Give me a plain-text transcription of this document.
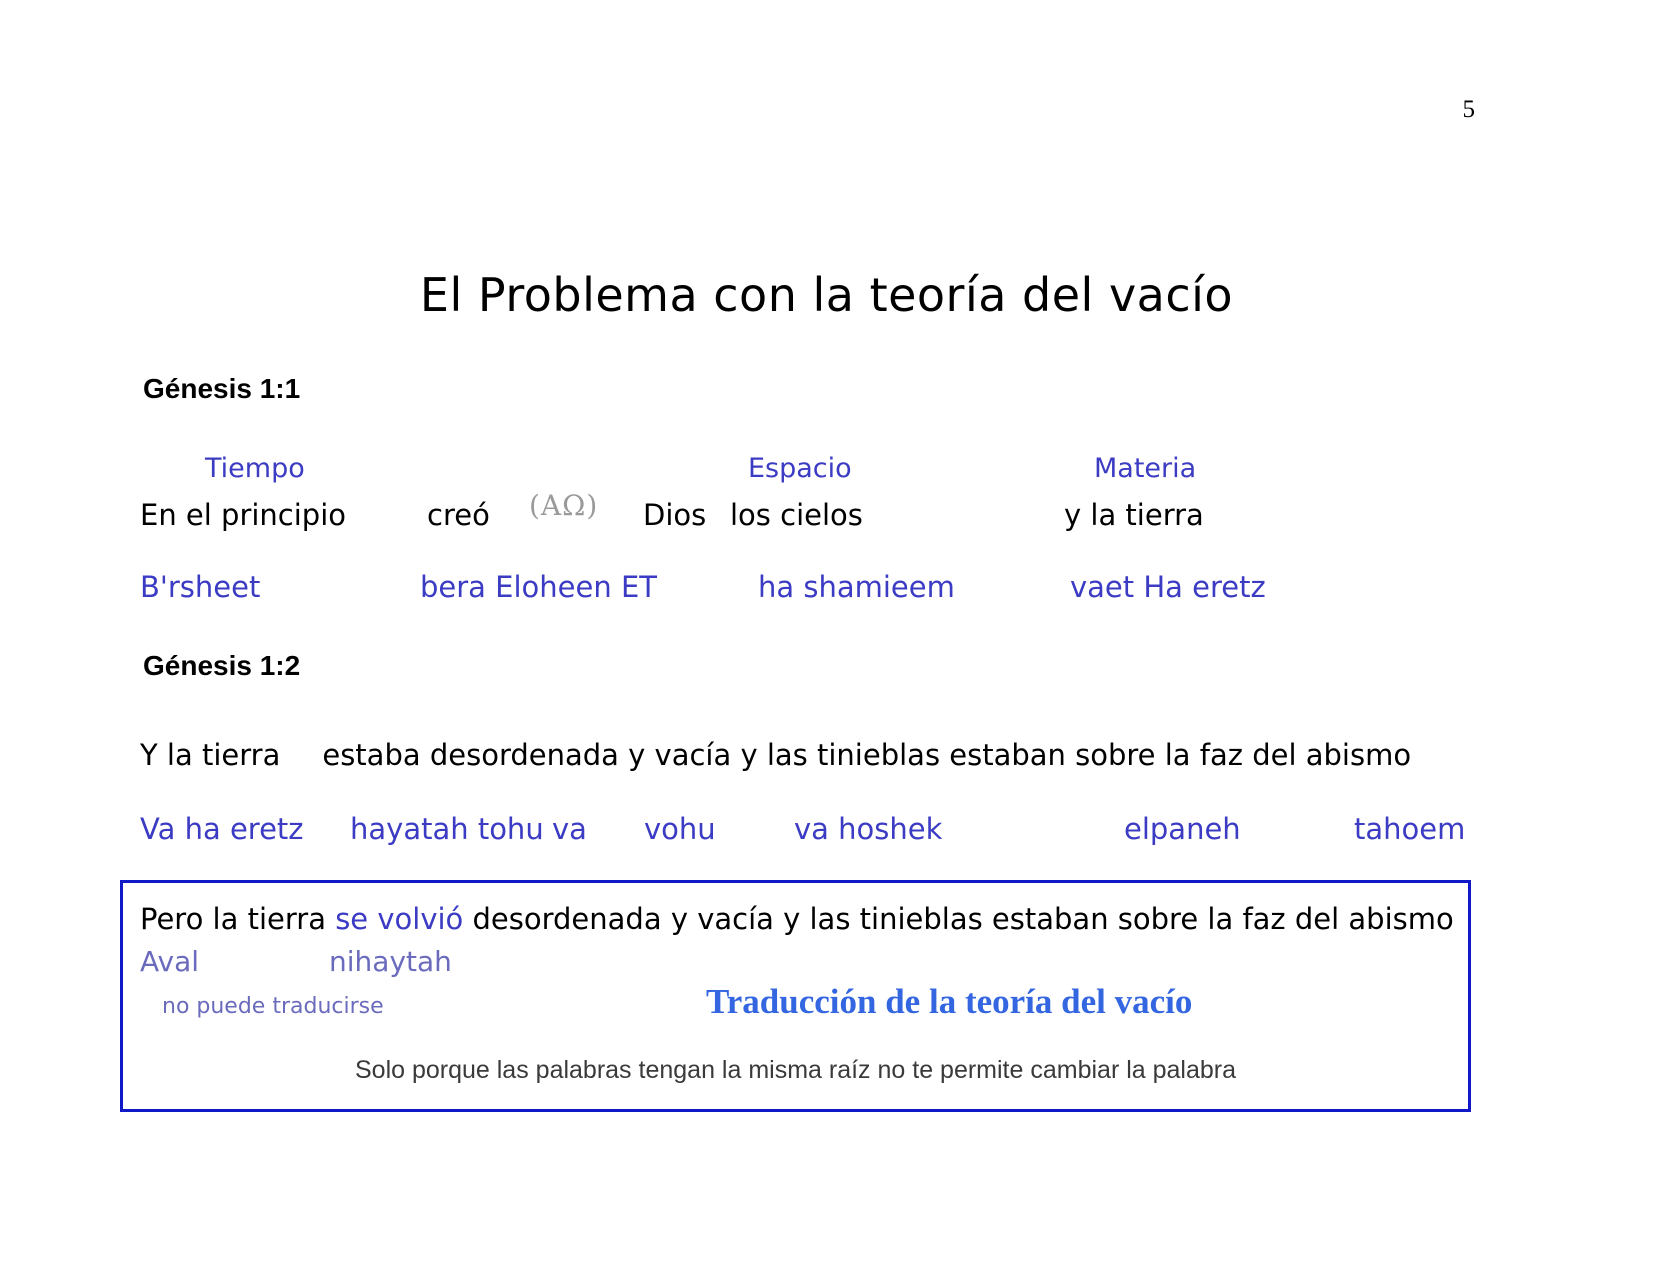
5
El Problema con la teoría del vacío
Génesis 1:1
Tiempo	Espacio	Materia
En el principio	creó (ΑΩ) Dios los cielos	y la tierra
B'rsheet	bera Eloheen ET	ha shamieem	vaet Ha eretz
Génesis 1:2
Y la tierra estaba desordenada y vacía y las tinieblas estaban sobre la faz del abismo
Va ha eretz hayatah tohu va vohu	va hoshek	elpaneh	tahoem
Pero la tierra se volvió desordenada y vacía y las tinieblas estaban sobre la faz del abismo
Aval	nihaytah
no puede traducirse	Traducción de la teoría del vacío
Solo porque las palabras tengan la misma raíz no te permite cambiar la palabra
